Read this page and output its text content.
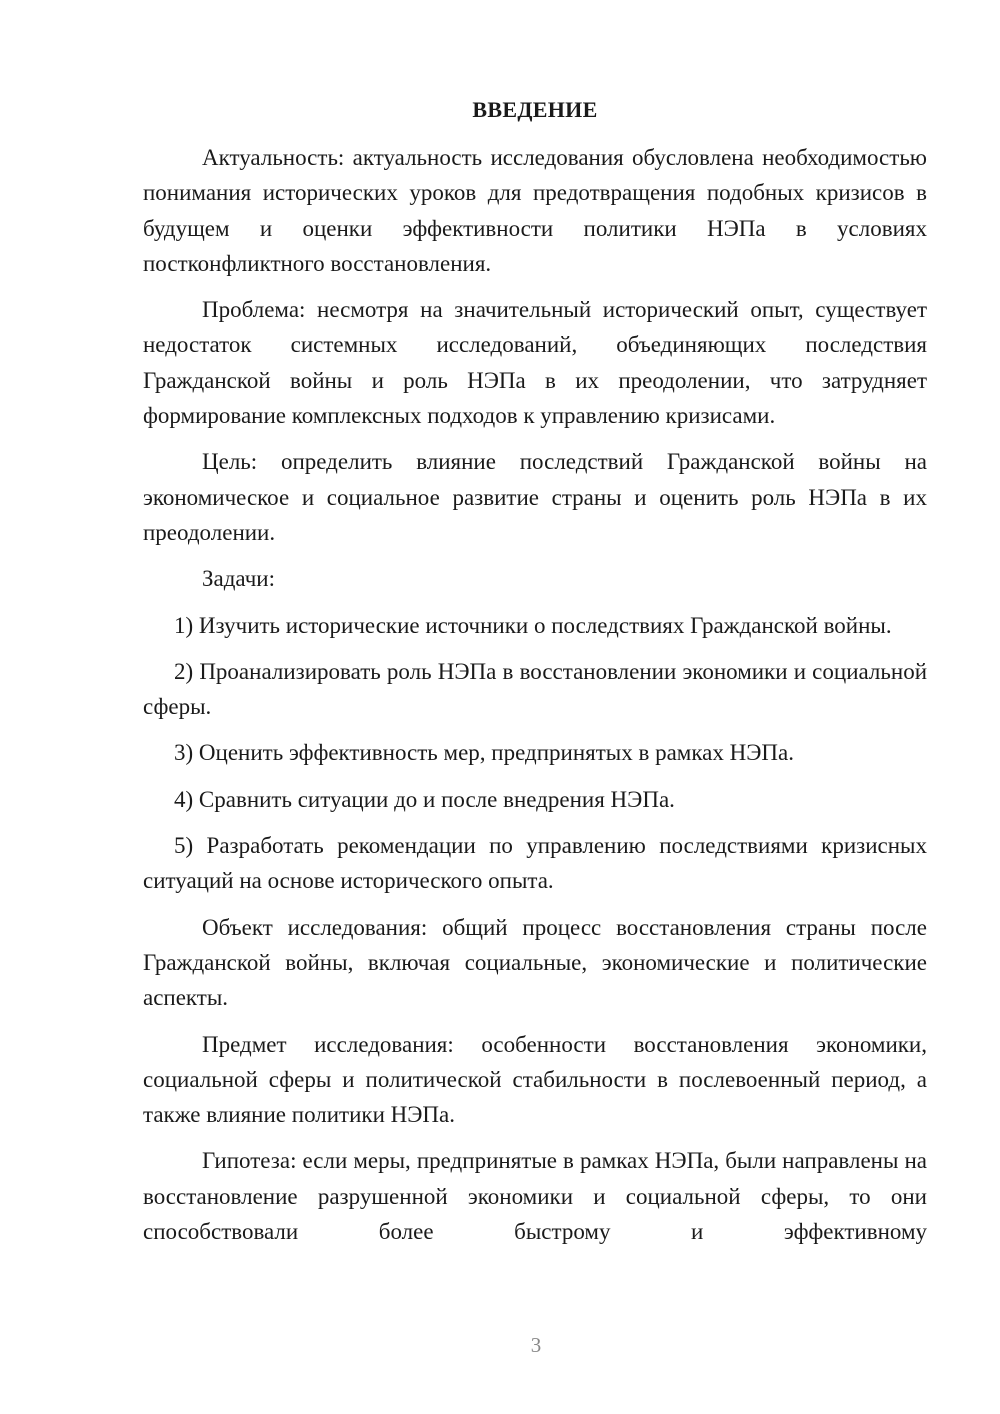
ВВЕДЕНИЕ

Актуальность: актуальность исследования обусловлена необходимостью понимания исторических уроков для предотвращения подобных кризисов в будущем и оценки эффективности политики НЭПа в условиях постконфликтного восстановления.

Проблема: несмотря на значительный исторический опыт, существует недостаток системных исследований, объединяющих последствия Гражданской войны и роль НЭПа в их преодолении, что затрудняет формирование комплексных подходов к управлению кризисами.

Цель: определить влияние последствий Гражданской войны на экономическое и социальное развитие страны и оценить роль НЭПа в их преодолении.

Задачи:

1) Изучить исторические источники о последствиях Гражданской войны.

2) Проанализировать роль НЭПа в восстановлении экономики и социальной сферы.

3) Оценить эффективность мер, предпринятых в рамках НЭПа.

4) Сравнить ситуации до и после внедрения НЭПа.

5) Разработать рекомендации по управлению последствиями кризисных ситуаций на основе исторического опыта.

Объект исследования: общий процесс восстановления страны после Гражданской войны, включая социальные, экономические и политические аспекты.

Предмет исследования: особенности восстановления экономики, социальной сферы и политической стабильности в послевоенный период, а также влияние политики НЭПа.

Гипотеза: если меры, предпринятые в рамках НЭПа, были направлены на восстановление разрушенной экономики и социальной сферы, то они способствовали более быстрому и эффективному

3
